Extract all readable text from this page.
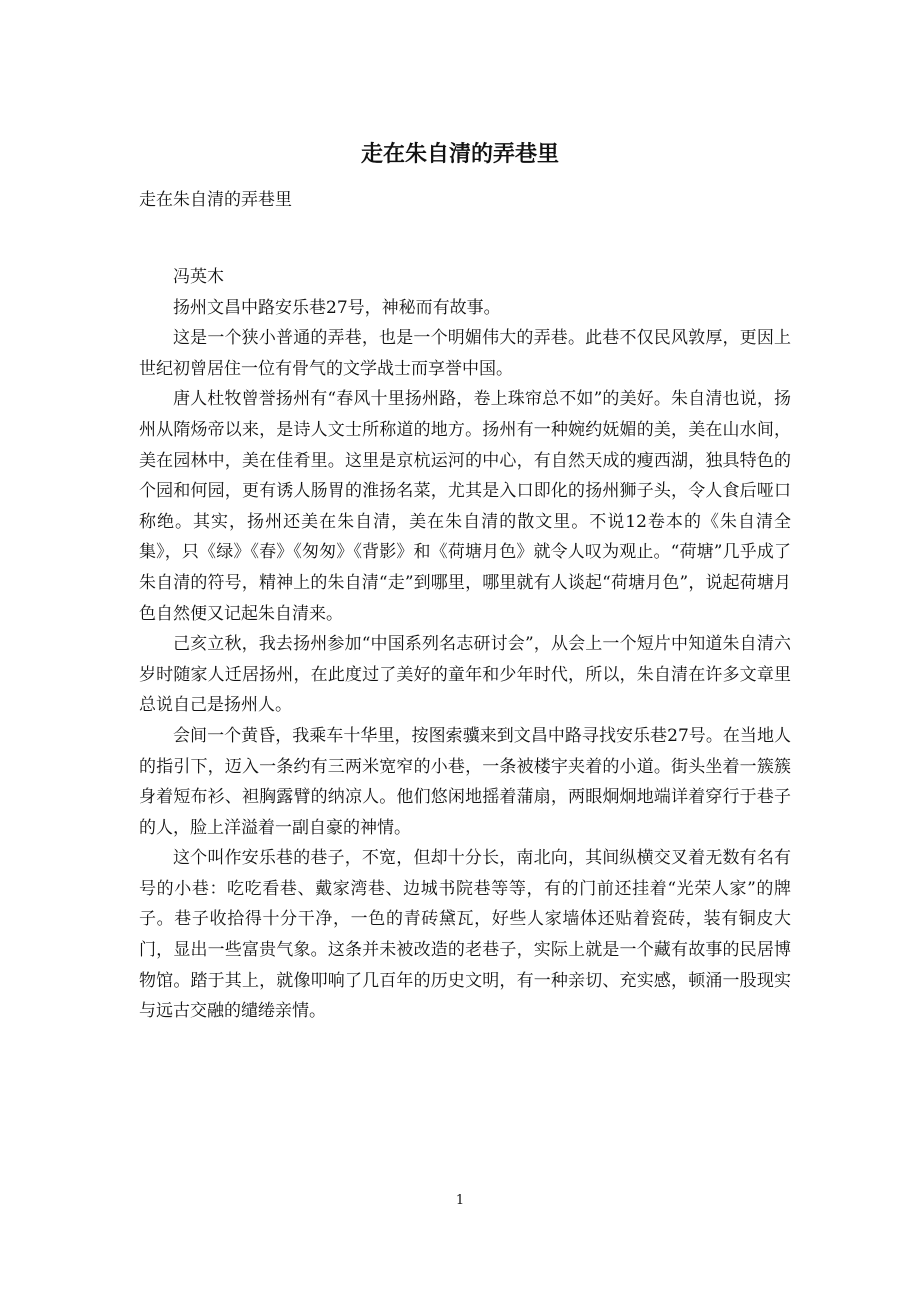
走在朱自清的弄巷里
走在朱自清的弄巷里

冯英木

扬州文昌中路安乐巷27号，神秘而有故事。

这是一个狭小普通的弄巷，也是一个明媚伟大的弄巷。此巷不仅民风敦厚，更因上世纪初曾居住一位有骨气的文学战士而享誉中国。

唐人杜牧曾誉扬州有“春风十里扬州路，卷上珠帘总不如”的美好。朱自清也说，扬州从隋炀帝以来，是诗人文士所称道的地方。扬州有一种婉约妩媚的美，美在山水间，美在园林中，美在佳肴里。这里是京杭运河的中心，有自然天成的瘦西湖，独具特色的个园和何园，更有诱人肠胃的淮扬名菜，尤其是入口即化的扬州狮子头，令人食后哑口称绝。其实，扬州还美在朱自清，美在朱自清的散文里。不说12卷本的《朱自清全集》，只《绿》《春》《匆匆》《背影》和《荷塘月色》就令人叹为观止。“荷塘”几乎成了朱自清的符号，精神上的朱自清“走”到哪里，哪里就有人谈起“荷塘月色”，说起荷塘月色自然便又记起朱自清来。

己亥立秋，我去扬州参加“中国系列名志研讨会”，从会上一个短片中知道朱自清六岁时随家人迁居扬州，在此度过了美好的童年和少年时代，所以，朱自清在许多文章里总说自己是扬州人。

会间一个黄昏，我乘车十华里，按图索骥来到文昌中路寻找安乐巷27号。在当地人的指引下，迈入一条约有三两米宽窄的小巷，一条被楼宇夹着的小道。街头坐着一簇簇身着短布衫、袒胸露臂的纳凉人。他们悠闲地摇着蒲扇，两眼炯炯地端详着穿行于巷子的人，脸上洋溢着一副自豪的神情。

这个叫作安乐巷的巷子，不宽，但却十分长，南北向，其间纵横交叉着无数有名有号的小巷：吃吃看巷、戴家湾巷、边城书院巷等等，有的门前还挂着“光荣人家”的牌子。巷子收拾得十分干净，一色的青砖黛瓦，好些人家墙体还贴着瓷砖，装有铜皮大门，显出一些富贵气象。这条并未被改造的老巷子，实际上就是一个藏有故事的民居博物馆。踏于其上，就像叩响了几百年的历史文明，有一种亲切、充实感，顿涌一股现实与远古交融的缱绻亲情。

1
